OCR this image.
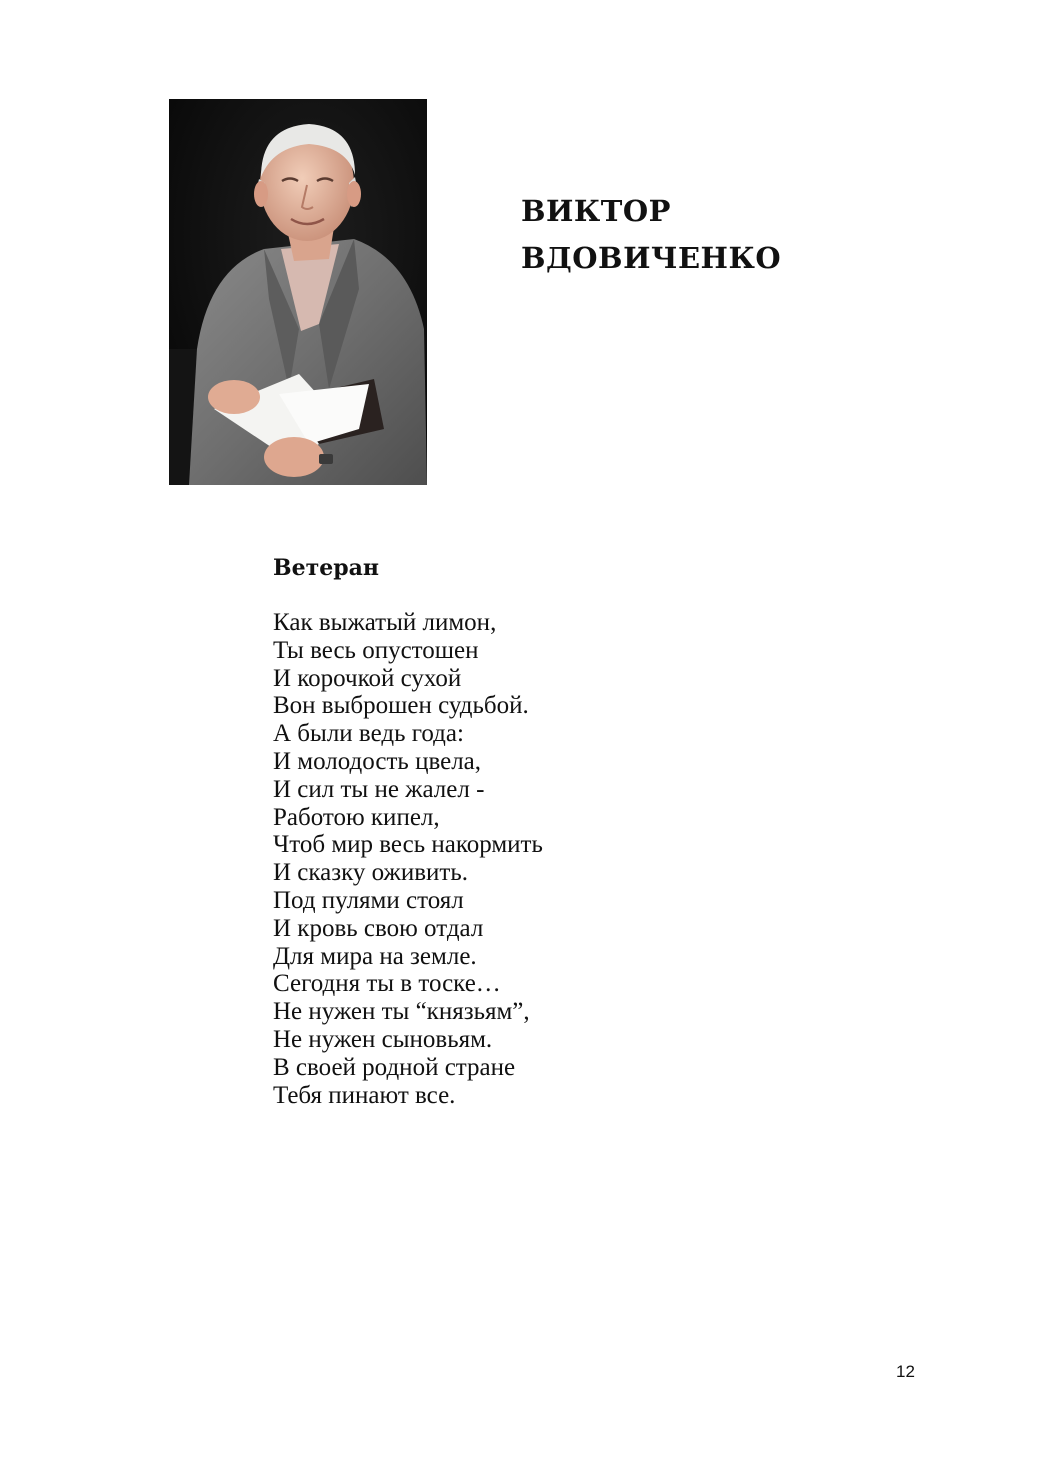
ВИКТОР
ВДОВИЧЕНКО
Ветеран
Как выжатый лимон,
Ты весь опустошен
И корочкой сухой
Вон выброшен судьбой.
А были ведь года:
И молодость цвела,
И сил ты не жалел -
Работою кипел,
Чтоб мир весь накормить
И сказку оживить.
Под пулями стоял
И кровь свою отдал
Для мира на земле.
Сегодня ты в тоске…
Не нужен ты “князьям”,
Не нужен сыновьям.
В своей родной стране
Тебя пинают все.
12
